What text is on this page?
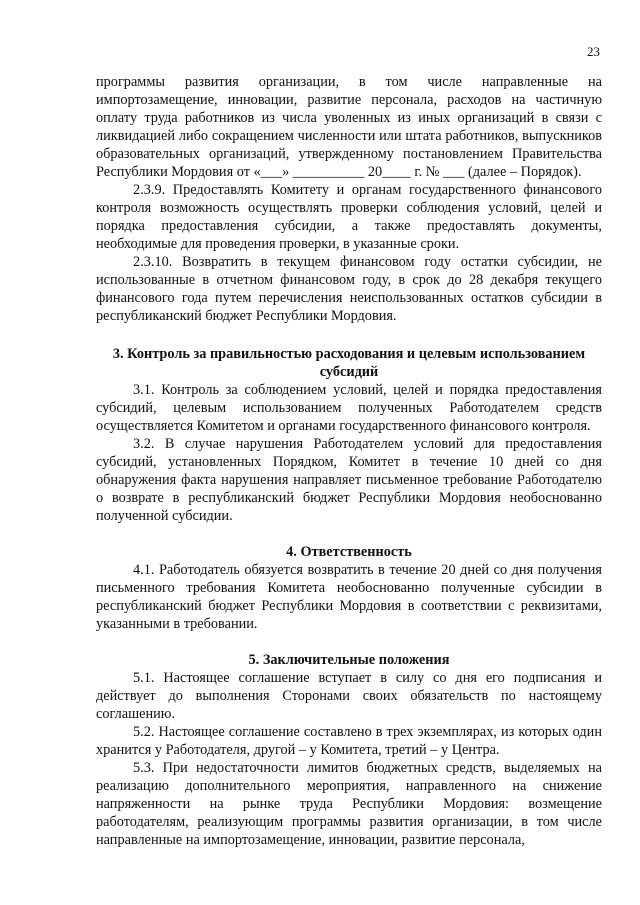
23

программы развития организации, в том числе направленные на импортозамещение, инновации, развитие персонала, расходов на частичную оплату труда работников из числа уволенных из иных организаций в связи с ликвидацией либо сокращением численности или штата работников, выпускников образовательных организаций, утвержденному постановлением Правительства Республики Мордовия от «___» __________ 20____ г. № ___ (далее – Порядок).

2.3.9. Предоставлять Комитету и органам государственного финансового контроля возможность осуществлять проверки соблюдения условий, целей и порядка предоставления субсидии, а также предоставлять документы, необходимые для проведения проверки, в указанные сроки.

2.3.10. Возвратить в текущем финансовом году остатки субсидии, не использованные в отчетном финансовом году, в срок до 28 декабря текущего финансового года путем перечисления неиспользованных остатков субсидии в республиканский бюджет Республики Мордовия.

3. Контроль за правильностью расходования и целевым использованием субсидий

3.1. Контроль за соблюдением условий, целей и порядка предоставления субсидий, целевым использованием полученных Работодателем средств осуществляется Комитетом и органами государственного финансового контроля.

3.2. В случае нарушения Работодателем условий для предоставления субсидий, установленных Порядком, Комитет в течение 10 дней со дня обнаружения факта нарушения направляет письменное требование Работодателю о возврате в республиканский бюджет Республики Мордовия необоснованно полученной субсидии.

4. Ответственность

4.1. Работодатель обязуется возвратить в течение 20 дней со дня получения письменного требования Комитета необоснованно полученные субсидии в республиканский бюджет Республики Мордовия в соответствии с реквизитами, указанными в требовании.

5. Заключительные положения

5.1. Настоящее соглашение вступает в силу со дня его подписания и действует до выполнения Сторонами своих обязательств по настоящему соглашению.

5.2. Настоящее соглашение составлено в трех экземплярах, из которых один хранится у Работодателя, другой – у Комитета, третий – у Центра.

5.3. При недостаточности лимитов бюджетных средств, выделяемых на реализацию дополнительного мероприятия, направленного на снижение напряженности на рынке труда Республики Мордовия: возмещение работодателям, реализующим программы развития организации, в том числе направленные на импортозамещение, инновации, развитие персонала,
